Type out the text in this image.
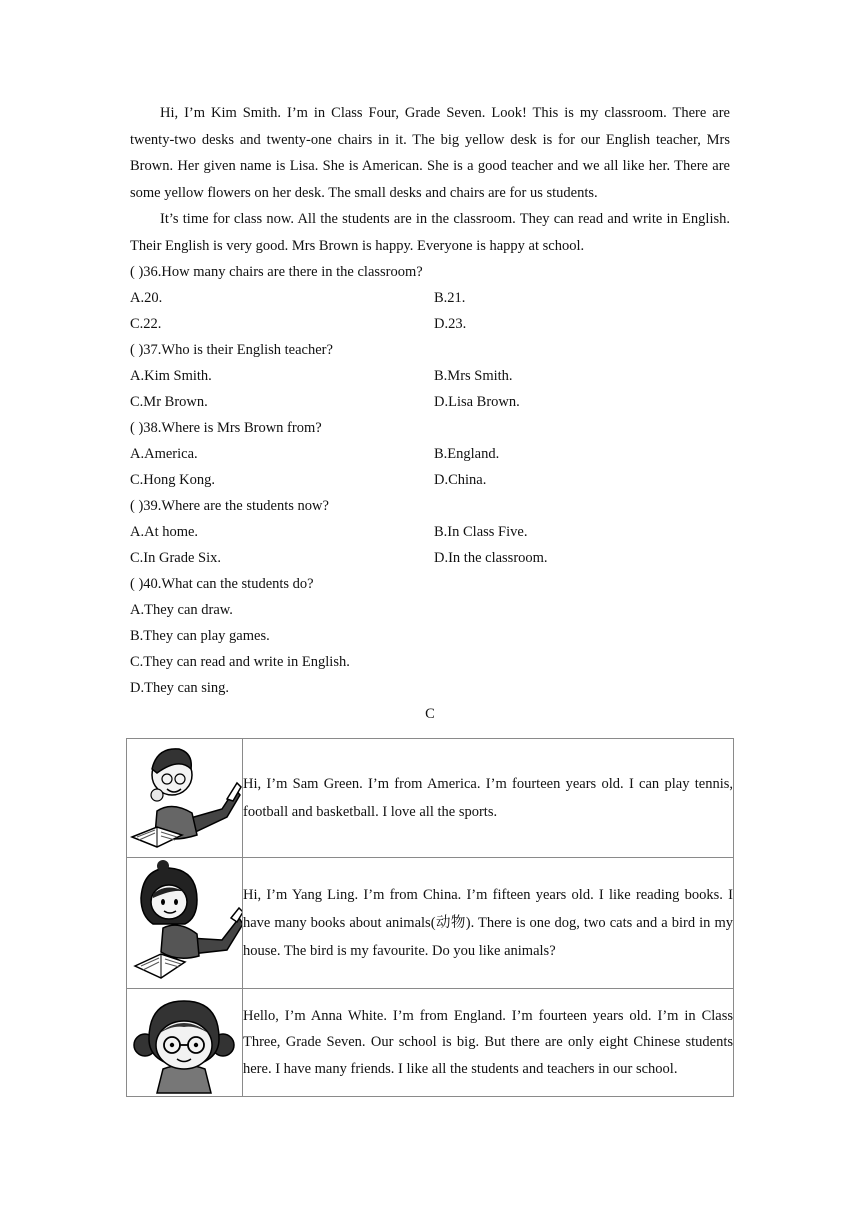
Hi, I’m Kim Smith. I’m in Class Four, Grade Seven. Look! This is my classroom. There are twenty-two desks and twenty-one chairs in it. The big yellow desk is for our English teacher, Mrs Brown. Her given name is Lisa. She is American. She is a good teacher and we all like her. There are some yellow flowers on her desk. The small desks and chairs are for us students.

It’s time for class now. All the students are in the classroom. They can read and write in English. Their English is very good. Mrs Brown is happy. Everyone is happy at school.

( )36.How many chairs are there in the classroom?
A.20.	B.21.
C.22.	D.23.
( )37.Who is their English teacher?
A.Kim Smith.	B.Mrs Smith.
C.Mr Brown.	D.Lisa Brown.
( )38.Where is Mrs Brown from?
A.America.	B.England.
C.Hong Kong.	D.China.
( )39.Where are the students now?
A.At home.	B.In Class Five.
C.In Grade Six.	D.In the classroom.
( )40.What can the students do?
A.They can draw.
B.They can play games.
C.They can read and write in English.
D.They can sing.
C
	Hi, I’m Sam Green. I’m from America. I’m fourteen years old. I can play tennis, football and basketball. I love all the sports.

	Hi, I’m Yang Ling. I’m from China. I’m fifteen years old. I like reading books. I have many books about animals(动物). There is one dog, two cats and a bird in my house. The bird is my favourite. Do you like animals?

	Hello, I’m Anna White. I’m from England. I’m fourteen years old. I’m in Class Three, Grade Seven. Our school is big. But there are only eight Chinese students here. I have many friends. I like all the students and teachers in our school.
